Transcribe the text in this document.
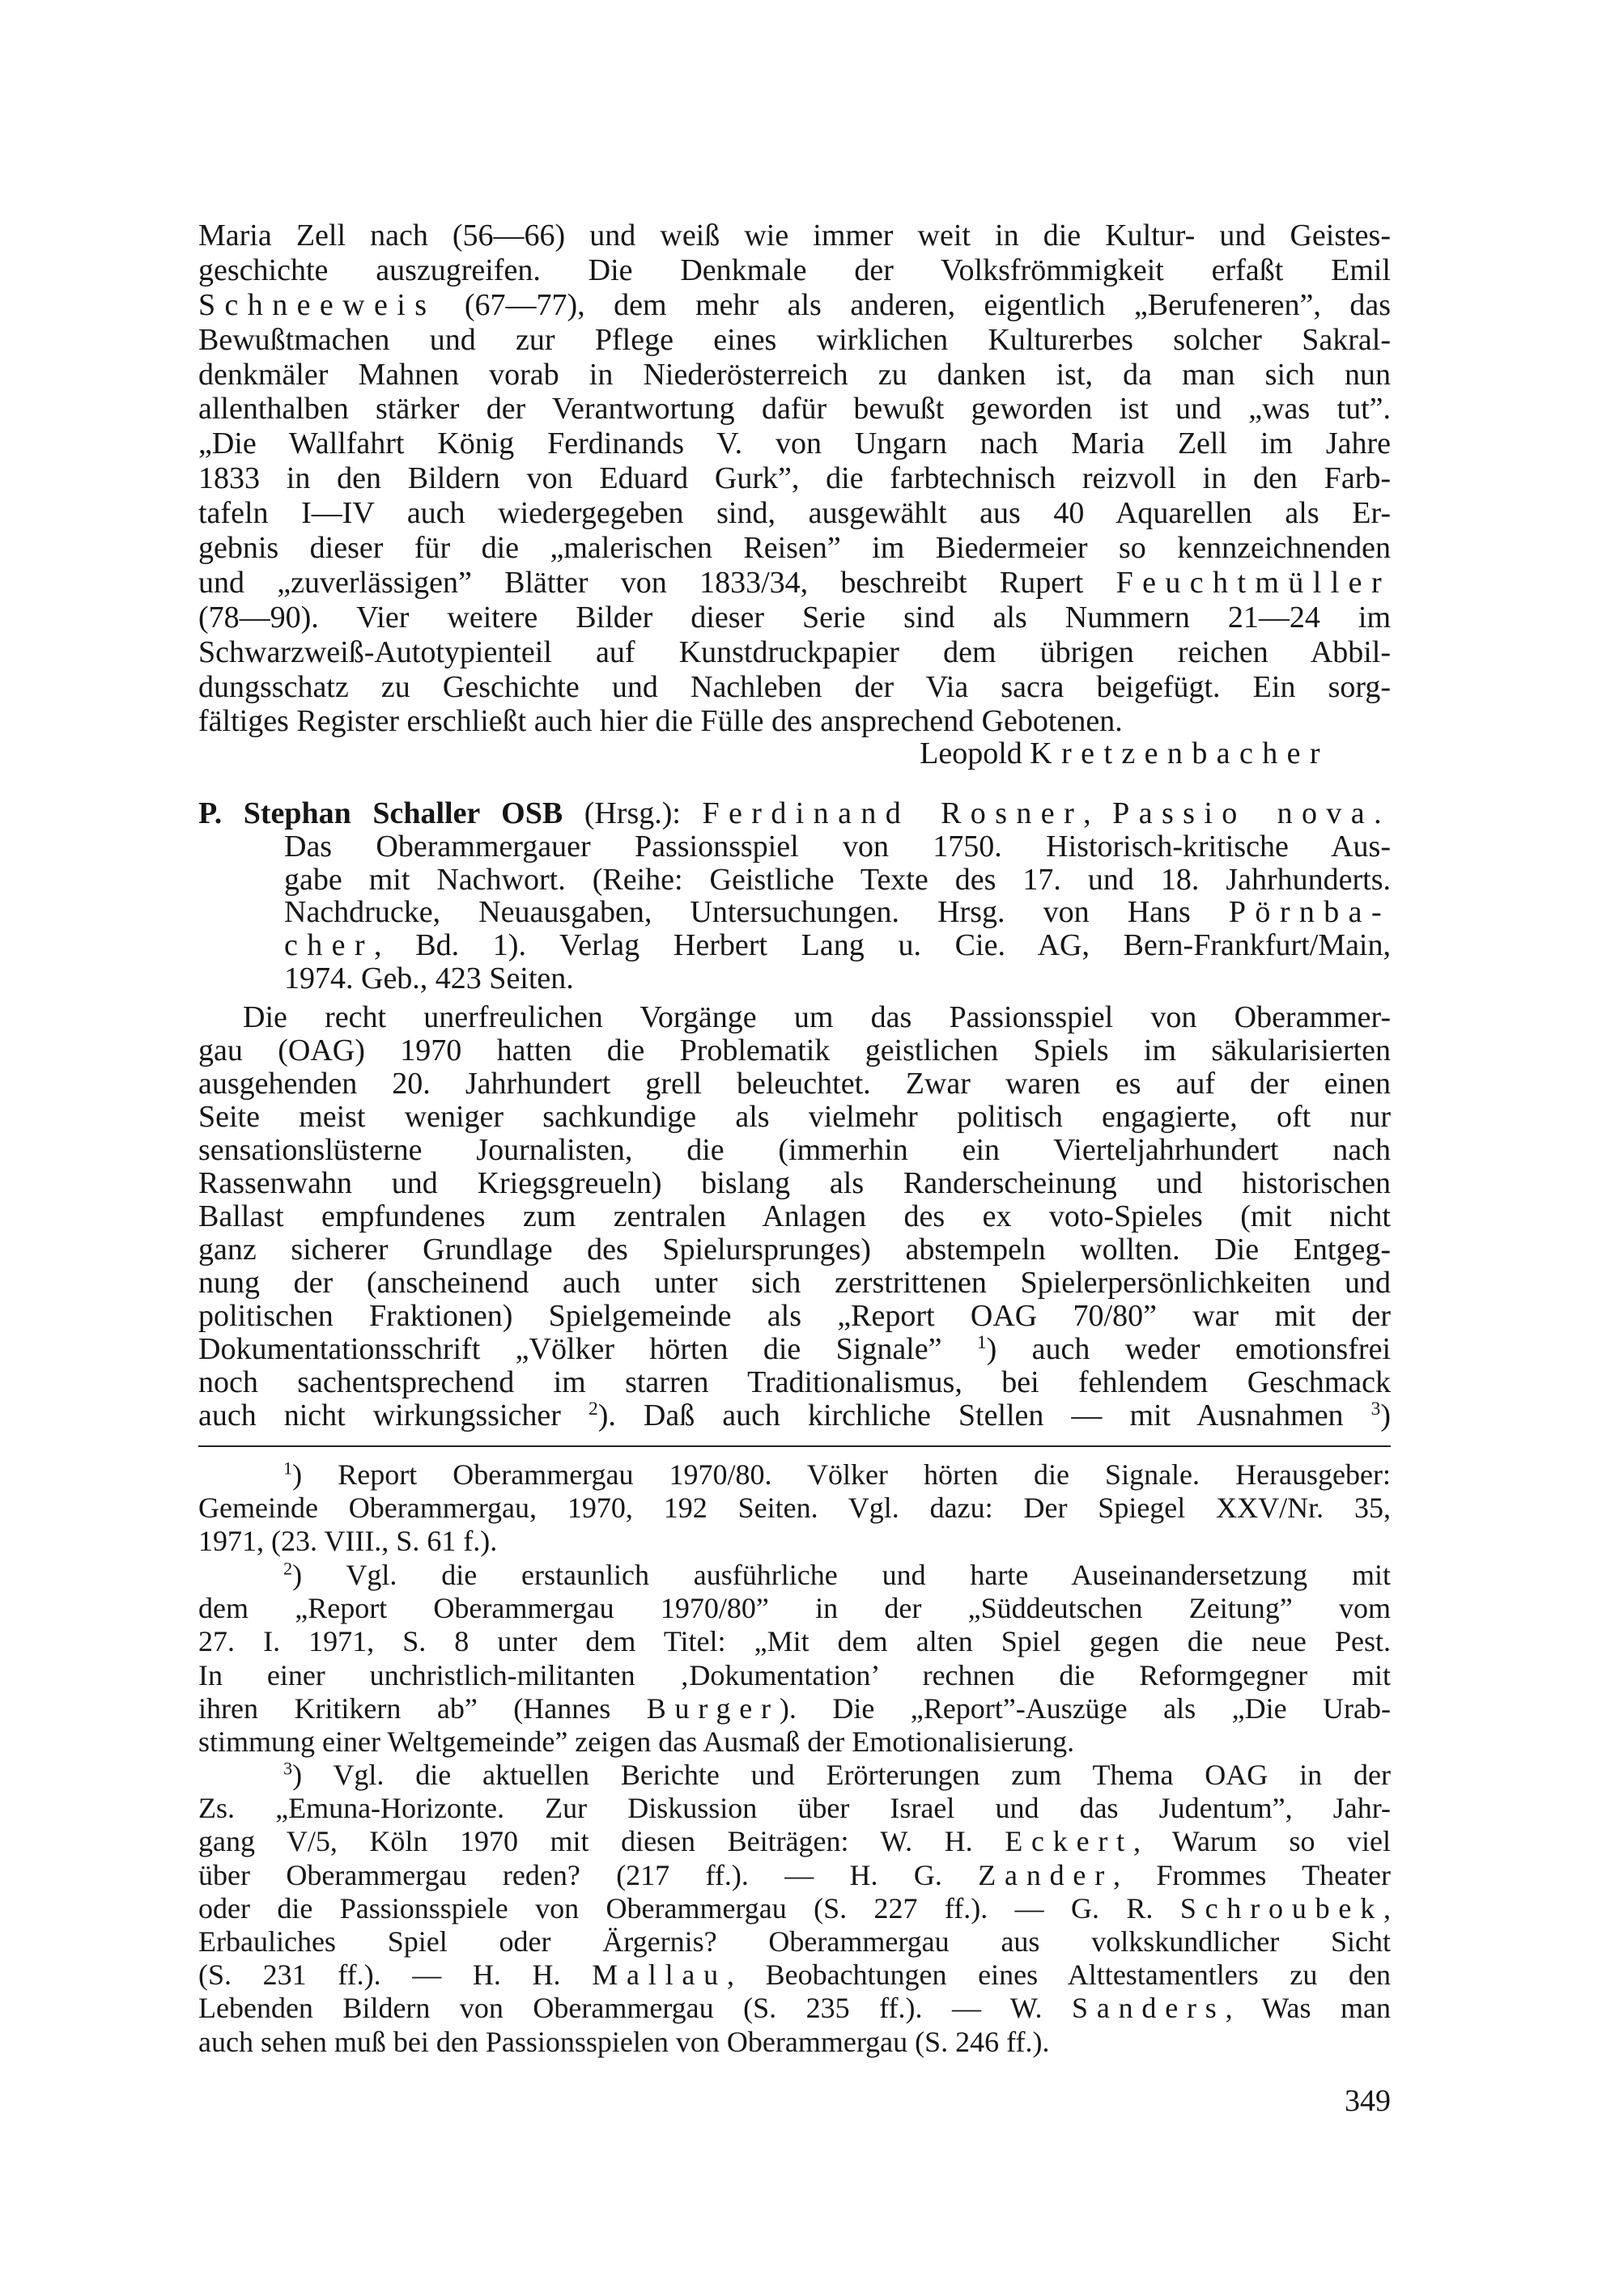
Maria Zell nach (56—66) und weiß wie immer weit in die Kultur- und Geistes-
geschichte auszugreifen. Die Denkmale der Volksfrömmigkeit erfaßt Emil
Schneeweis (67—77), dem mehr als anderen, eigentlich „Berufeneren”, das
Bewußtmachen und zur Pflege eines wirklichen Kulturerbes solcher Sakral-
denkmäler Mahnen vorab in Niederösterreich zu danken ist, da man sich nun
allenthalben stärker der Verantwortung dafür bewußt geworden ist und „was tut”.
„Die Wallfahrt König Ferdinands V. von Ungarn nach Maria Zell im Jahre
1833 in den Bildern von Eduard Gurk”, die farbtechnisch reizvoll in den Farb-
tafeln I—IV auch wiedergegeben sind, ausgewählt aus 40 Aquarellen als Er-
gebnis dieser für die „malerischen Reisen” im Biedermeier so kennzeichnenden
und „zuverlässigen” Blätter von 1833/34, beschreibt Rupert Feuchtmüller
(78—90). Vier weitere Bilder dieser Serie sind als Nummern 21—24 im
Schwarzweiß-Autotypienteil auf Kunstdruckpapier dem übrigen reichen Abbil-
dungsschatz zu Geschichte und Nachleben der Via sacra beigefügt. Ein sorg-
fältiges Register erschließt auch hier die Fülle des ansprechend Gebotenen.
Leopold Kretzenbacher
P. Stephan Schaller OSB (Hrsg.): Ferdinand Rosner, Passio nova.
Das Oberammergauer Passionsspiel von 1750. Historisch-kritische Aus-
gabe mit Nachwort. (Reihe: Geistliche Texte des 17. und 18. Jahrhunderts.
Nachdrucke, Neuausgaben, Untersuchungen. Hrsg. von Hans Pörnba-
cher, Bd. 1). Verlag Herbert Lang u. Cie. AG, Bern-Frankfurt/Main,
1974. Geb., 423 Seiten.
Die recht unerfreulichen Vorgänge um das Passionsspiel von Oberammer-
gau (OAG) 1970 hatten die Problematik geistlichen Spiels im säkularisierten
ausgehenden 20. Jahrhundert grell beleuchtet. Zwar waren es auf der einen
Seite meist weniger sachkundige als vielmehr politisch engagierte, oft nur
sensationslüsterne Journalisten, die (immerhin ein Vierteljahrhundert nach
Rassenwahn und Kriegsgreueln) bislang als Randerscheinung und historischen
Ballast empfundenes zum zentralen Anlagen des ex voto-Spieles (mit nicht
ganz sicherer Grundlage des Spielursprunges) abstempeln wollten. Die Entgeg-
nung der (anscheinend auch unter sich zerstrittenen Spielerpersönlichkeiten und
politischen Fraktionen) Spielgemeinde als „Report OAG 70/80” war mit der
Dokumentationsschrift „Völker hörten die Signale” $^1$) auch weder emotionsfrei
noch sachentsprechend im starren Traditionalismus, bei fehlendem Geschmack
auch nicht wirkungssicher $^2$). Daß auch kirchliche Stellen — mit Ausnahmen $^3$)
$^1$) Report Oberammergau 1970/80. Völker hörten die Signale. Herausgeber:
Gemeinde Oberammergau, 1970, 192 Seiten. Vgl. dazu: Der Spiegel XXV/Nr. 35,
1971, (23. VIII., S. 61 f.).
$^2$) Vgl. die erstaunlich ausführliche und harte Auseinandersetzung mit
dem „Report Oberammergau 1970/80” in der „Süddeutschen Zeitung” vom
27. I. 1971, S. 8 unter dem Titel: „Mit dem alten Spiel gegen die neue Pest.
In einer unchristlich-militanten ‚Dokumentation’ rechnen die Reformgegner mit
ihren Kritikern ab” (Hannes Burger). Die „Report”-Auszüge als „Die Urab-
stimmung einer Weltgemeinde” zeigen das Ausmaß der Emotionalisierung.
$^3$) Vgl. die aktuellen Berichte und Erörterungen zum Thema OAG in der
Zs. „Emuna-Horizonte. Zur Diskussion über Israel und das Judentum”, Jahr-
gang V/5, Köln 1970 mit diesen Beiträgen: W. H. Eckert, Warum so viel
über Oberammergau reden? (217 ff.). — H. G. Zander, Frommes Theater
oder die Passionsspiele von Oberammergau (S. 227 ff.). — G. R. Schroubek,
Erbauliches Spiel oder Ärgernis? Oberammergau aus volkskundlicher Sicht
(S. 231 ff.). — H. H. Mallau, Beobachtungen eines Alttestamentlers zu den
Lebenden Bildern von Oberammergau (S. 235 ff.). — W. Sanders, Was man
auch sehen muß bei den Passionsspielen von Oberammergau (S. 246 ff.).
349
